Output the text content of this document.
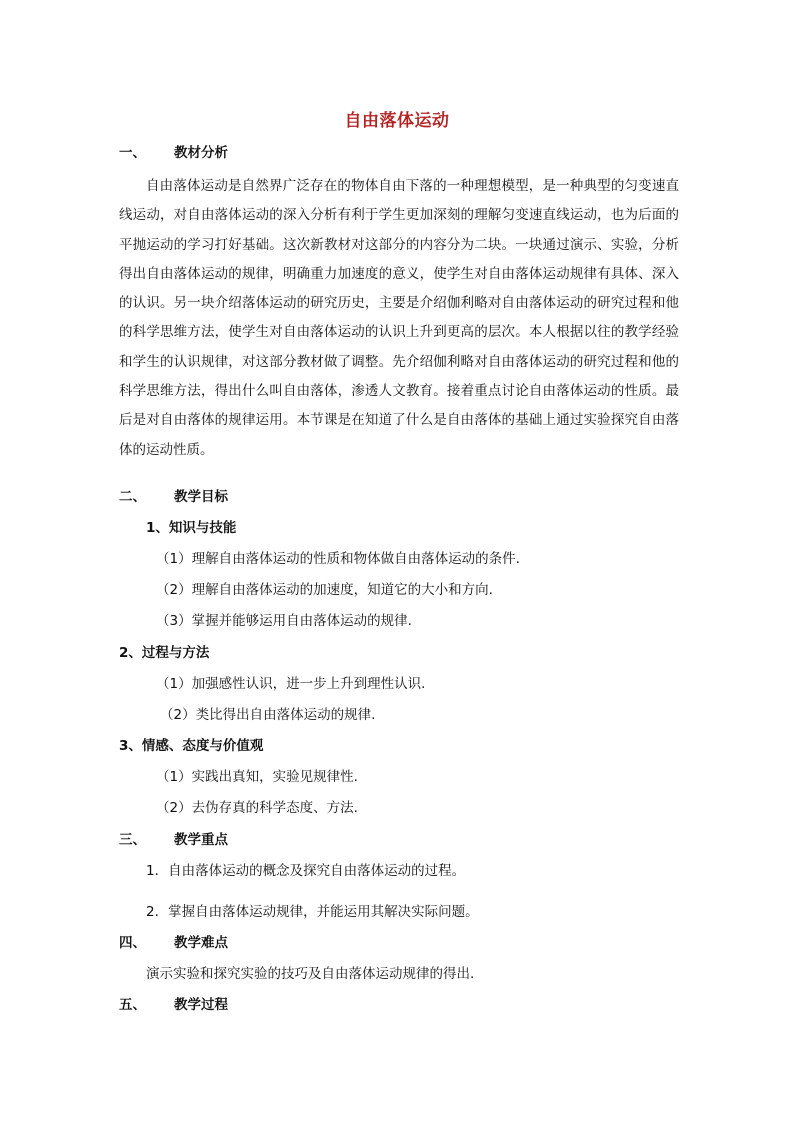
自由落体运动
一、 教材分析

自由落体运动是自然界广泛存在的物体自由下落的一种理想模型，是一种典型的匀变速直线运动，对自由落体运动的深入分析有利于学生更加深刻的理解匀变速直线运动，也为后面的平抛运动的学习打好基础。这次新教材对这部分的内容分为二块。一块通过演示、实验，分析得出自由落体运动的规律，明确重力加速度的意义，使学生对自由落体运动规律有具体、深入的认识。另一块介绍落体运动的研究历史，主要是介绍伽利略对自由落体运动的研究过程和他的科学思维方法，使学生对自由落体运动的认识上升到更高的层次。本人根据以往的教学经验和学生的认识规律，对这部分教材做了调整。先介绍伽利略对自由落体运动的研究过程和他的科学思维方法，得出什么叫自由落体，渗透人文教育。接着重点讨论自由落体运动的性质。最后是对自由落体的规律运用。本节课是在知道了什么是自由落体的基础上通过实验探究自由落体的运动性质。

二、 教学目标
1、知识与技能
（1）理解自由落体运动的性质和物体做自由落体运动的条件.
（2）理解自由落体运动的加速度，知道它的大小和方向.
（3）掌握并能够运用自由落体运动的规律.
2、过程与方法
（1）加强感性认识，进一步上升到理性认识.
（2）类比得出自由落体运动的规律.
3、情感、态度与价值观
（1）实践出真知，实验见规律性.
（2）去伪存真的科学态度、方法.
三、 教学重点
1．自由落体运动的概念及探究自由落体运动的过程。
2．掌握自由落体运动规律，并能运用其解决实际问题。
四、 教学难点
演示实验和探究实验的技巧及自由落体运动规律的得出.
五、 教学过程
